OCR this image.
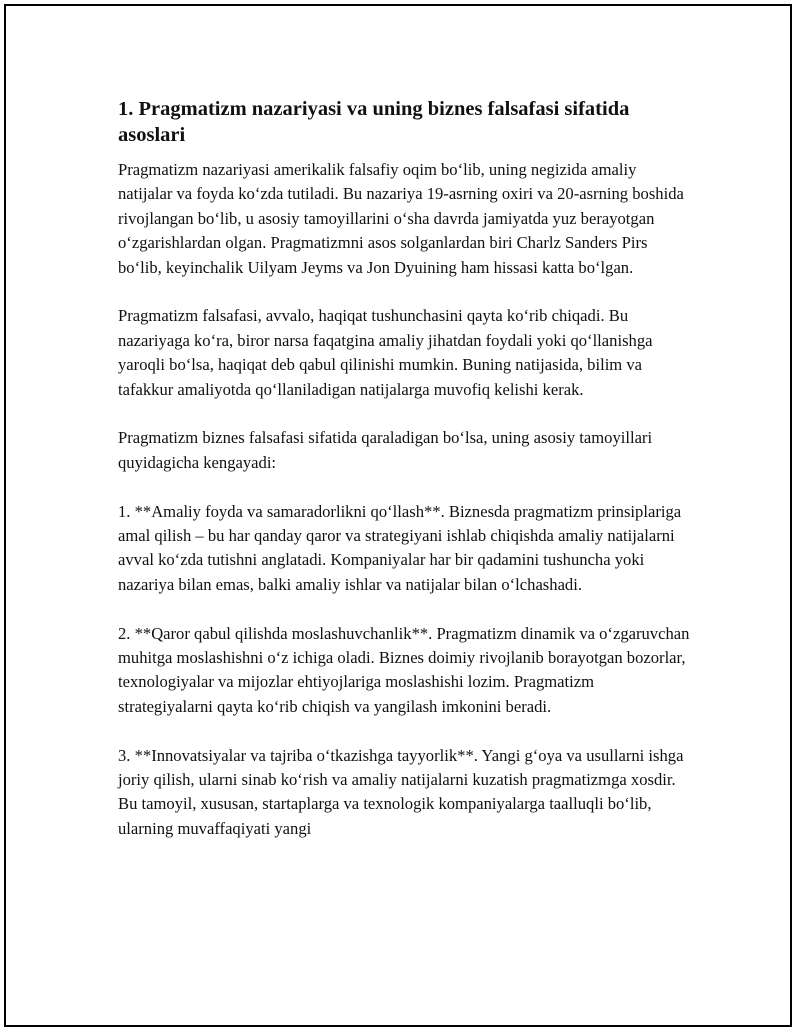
1. Pragmatizm nazariyasi va uning biznes falsafasi sifatida asoslari

Pragmatizm nazariyasi amerikalik falsafiy oqim bo‘lib, uning negizida amaliy natijalar va foyda ko‘zda tutiladi. Bu nazariya 19-asrning oxiri va 20-asrning boshida rivojlangan bo‘lib, u asosiy tamoyillarini o‘sha davrda jamiyatda yuz berayotgan o‘zgarishlardan olgan. Pragmatizmni asos solganlardan biri Charlz Sanders Pirs bo‘lib, keyinchalik Uilyam Jeyms va Jon Dyuining ham hissasi katta bo‘lgan.

Pragmatizm falsafasi, avvalo, haqiqat tushunchasini qayta ko‘rib chiqadi. Bu nazariyaga ko‘ra, biror narsa faqatgina amaliy jihatdan foydali yoki qo‘llanishga yaroqli bo‘lsa, haqiqat deb qabul qilinishi mumkin. Buning natijasida, bilim va tafakkur amaliyotda qo‘llaniladigan natijalarga muvofiq kelishi kerak.

Pragmatizm biznes falsafasi sifatida qaraladigan bo‘lsa, uning asosiy tamoyillari quyidagicha kengayadi:

1. **Amaliy foyda va samaradorlikni qo‘llash**. Biznesda pragmatizm prinsiplariga amal qilish – bu har qanday qaror va strategiyani ishlab chiqishda amaliy natijalarni avval ko‘zda tutishni anglatadi. Kompaniyalar har bir qadamini tushuncha yoki nazariya bilan emas, balki amaliy ishlar va natijalar bilan o‘lchashadi.

2. **Qaror qabul qilishda moslashuvchanlik**. Pragmatizm dinamik va o‘zgaruvchan muhitga moslashishni o‘z ichiga oladi. Biznes doimiy rivojlanib borayotgan bozorlar, texnologiyalar va mijozlar ehtiyojlariga moslashishi lozim. Pragmatizm strategiyalarni qayta ko‘rib chiqish va yangilash imkonini beradi.

3. **Innovatsiyalar va tajriba o‘tkazishga tayyorlik**. Yangi g‘oya va usullarni ishga joriy qilish, ularni sinab ko‘rish va amaliy natijalarni kuzatish pragmatizmga xosdir. Bu tamoyil, xususan, startaplarga va texnologik kompaniyalarga taalluqli bo‘lib, ularning muvaffaqiyati yangi
